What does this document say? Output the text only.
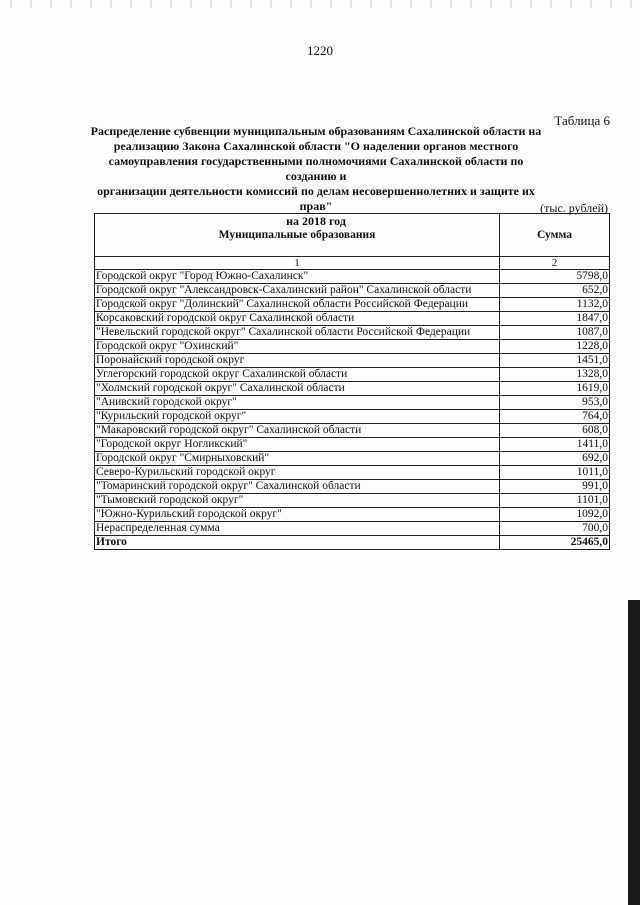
1220
Таблица 6
Распределение субвенции муниципальным образованиям Сахалинской области на
реализацию Закона Сахалинской области "О наделении органов местного
самоуправления государственными полномочиями Сахалинской области по созданию и
организации деятельности комиссий по делам несовершеннолетних и защите их прав"
на 2018 год
(тыс. рублей)
Муниципальные образования	Сумма
1	2
Городской округ "Город Южно-Сахалинск"	5798,0
Городской округ "Александровск-Сахалинский район" Сахалинской области	652,0
Городской округ "Долинский" Сахалинской области Российской Федерации	1132,0
Корсаковский городской округ Сахалинской области	1847,0
"Невельский городской округ" Сахалинской области Российской Федерации	1087,0
Городской округ "Охинский"	1228,0
Поронайский городской округ	1451,0
Углегорский городской округ Сахалинской области	1328,0
"Холмский городской округ" Сахалинской области	1619,0
"Анивский городской округ"	953,0
"Курильский городской округ"	764,0
"Макаровский городской округ" Сахалинской области	608,0
"Городской округ Ногликский"	1411,0
Городской округ "Смирныховский"	692,0
Северо-Курильский городской округ	1011,0
"Томаринский городской округ" Сахалинской области	991,0
"Тымовский городской округ"	1101,0
"Южно-Курильский городской округ"	1092,0
Нераспределенная сумма	700,0
Итого	25465,0
